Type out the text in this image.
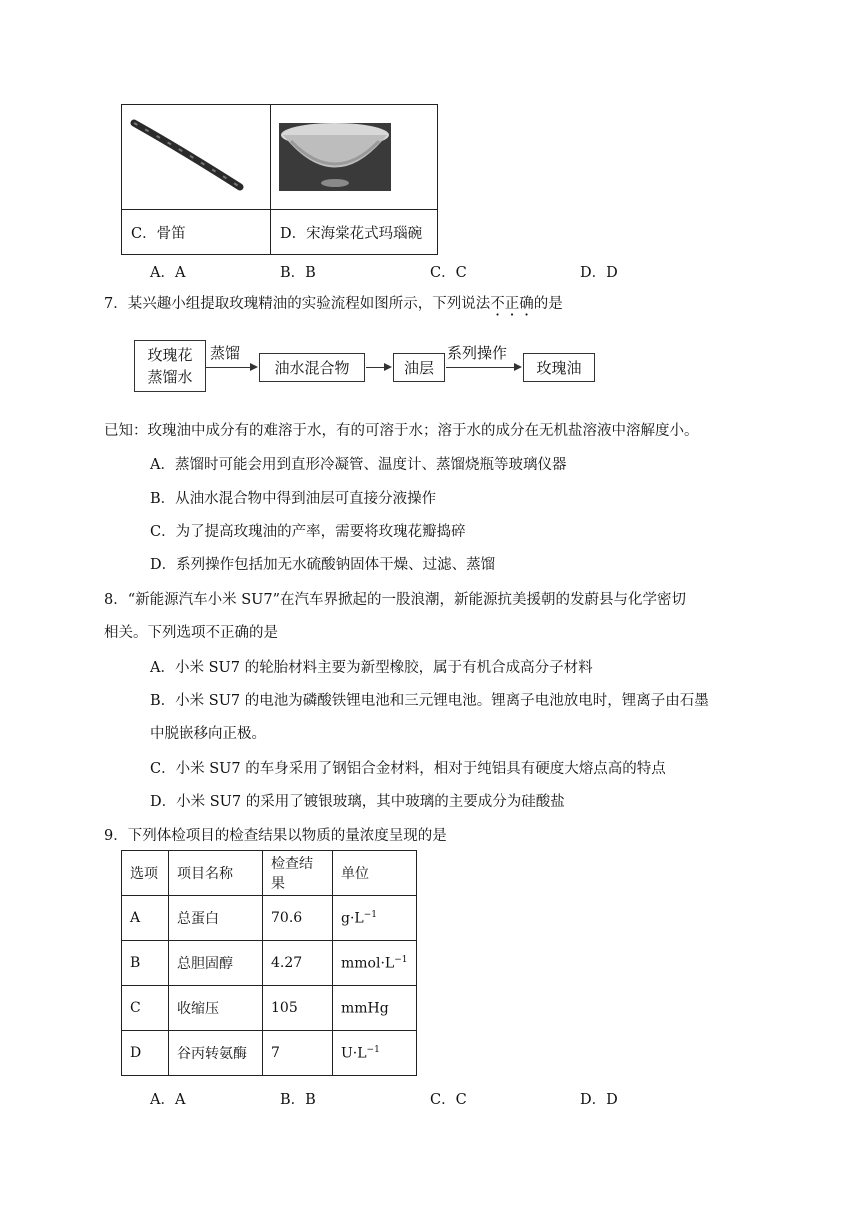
C．骨笛	D．宋海棠花式玛瑙碗
A．A	B．B	C．C	D．D
7．某兴趣小组提取玫瑰精油的实验流程如图所示，下列说法不正确的是
玫瑰花
蒸馏水
蒸馏
油水混合物	油层
系列操作
玫瑰油
已知：玫瑰油中成分有的难溶于水，有的可溶于水；溶于水的成分在无机盐溶液中溶解度小。
A．蒸馏时可能会用到直形冷凝管、温度计、蒸馏烧瓶等玻璃仪器
B．从油水混合物中得到油层可直接分液操作
C．为了提高玫瑰油的产率，需要将玫瑰花瓣捣碎
D．系列操作包括加无水硫酸钠固体干燥、过滤、蒸馏
8．“新能源汽车小米 SU7”在汽车界掀起的一股浪潮，新能源抗美援朝的发蔚县与化学密切
相关。下列选项不正确的是
A．小米 SU7 的轮胎材料主要为新型橡胶，属于有机合成高分子材料
B．小米 SU7 的电池为磷酸铁锂电池和三元锂电池。锂离子电池放电时，锂离子由石墨
中脱嵌移向正极。
C．小米 SU7 的车身采用了钢铝合金材料，相对于纯铝具有硬度大熔点高的特点
D．小米 SU7 的采用了镀银玻璃，其中玻璃的主要成分为硅酸盐
9．下列体检项目的检查结果以物质的量浓度呈现的是
选项	项目名称	检查结果	单位
A	总蛋白	70.6	$g\cdot L^{-1}$
B	总胆固醇	4.27	$mmol\cdot L^{-1}$
C	收缩压	105	mmHg
D	谷丙转氨酶	7	$U\cdot L^{-1}$
A．A	B．B	C．C	D．D
